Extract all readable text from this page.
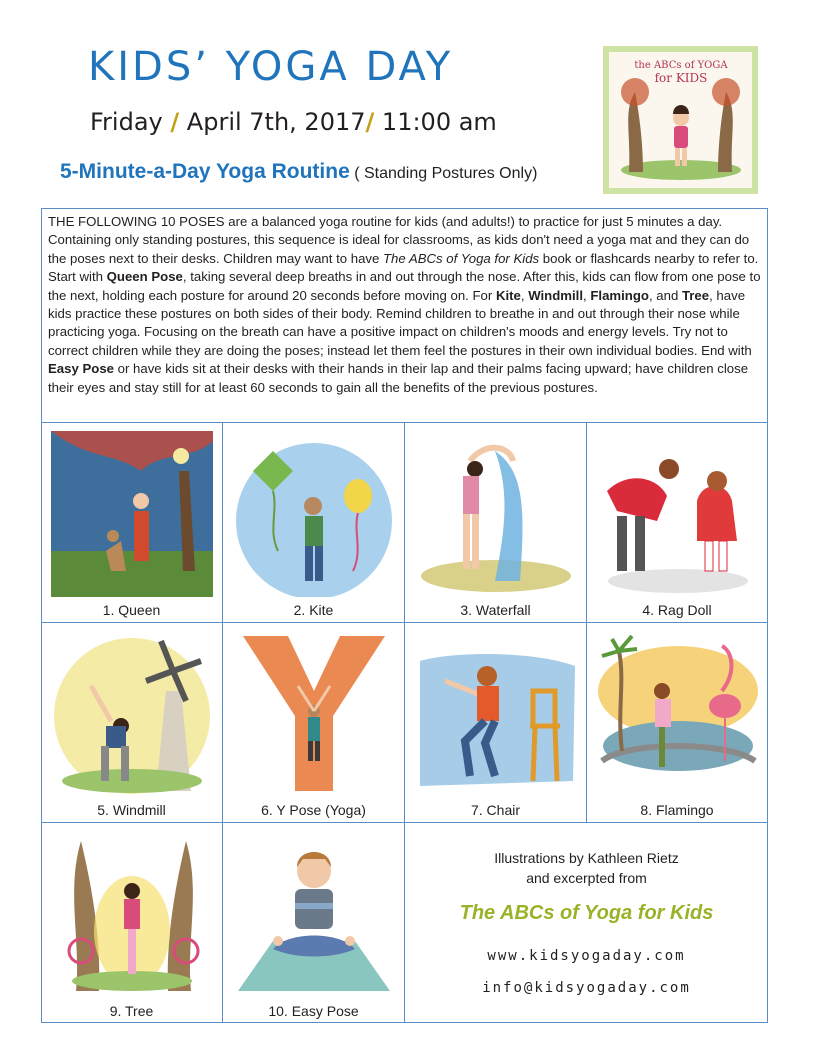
KIDS’ YOGA DAY
Friday / April 7th, 2017/ 11:00 am
5-Minute-a-Day Yoga Routine ( Standing Postures Only)
the ABCs of YOGA
for KIDS

THE FOLLOWING 10 POSES are a balanced yoga routine for kids (and adults!) to practice for just 5 minutes a day. Containing only standing postures, this sequence is ideal for classrooms, as kids don't need a yoga mat and they can do the poses next to their desks. Children may want to have The ABCs of Yoga for Kids book or flashcards nearby to refer to. Start with Queen Pose, taking several deep breaths in and out through the nose. After this, kids can flow from one pose to the next, holding each posture for around 20 seconds before moving on. For Kite, Windmill, Flamingo, and Tree, have kids practice these postures on both sides of their body. Remind children to breathe in and out through their nose while practicing yoga. Focusing on the breath can have a positive impact on children's moods and energy levels. Try not to correct children while they are doing the poses; instead let them feel the postures in their own individual bodies. End with Easy Pose or have kids sit at their desks with their hands in their lap and their palms facing upward; have children close their eyes and stay still for at least 60 seconds to gain all the benefits of the previous postures.

1. Queen	2. Kite	3. Waterfall	4. Rag Doll
5. Windmill	6. Y Pose (Yoga)	7. Chair	8. Flamingo
9. Tree	10. Easy Pose
Illustrations by Kathleen Rietz
and excerpted from
The ABCs of Yoga for Kids
www.kidsyogaday.com
info@kidsyogaday.com
